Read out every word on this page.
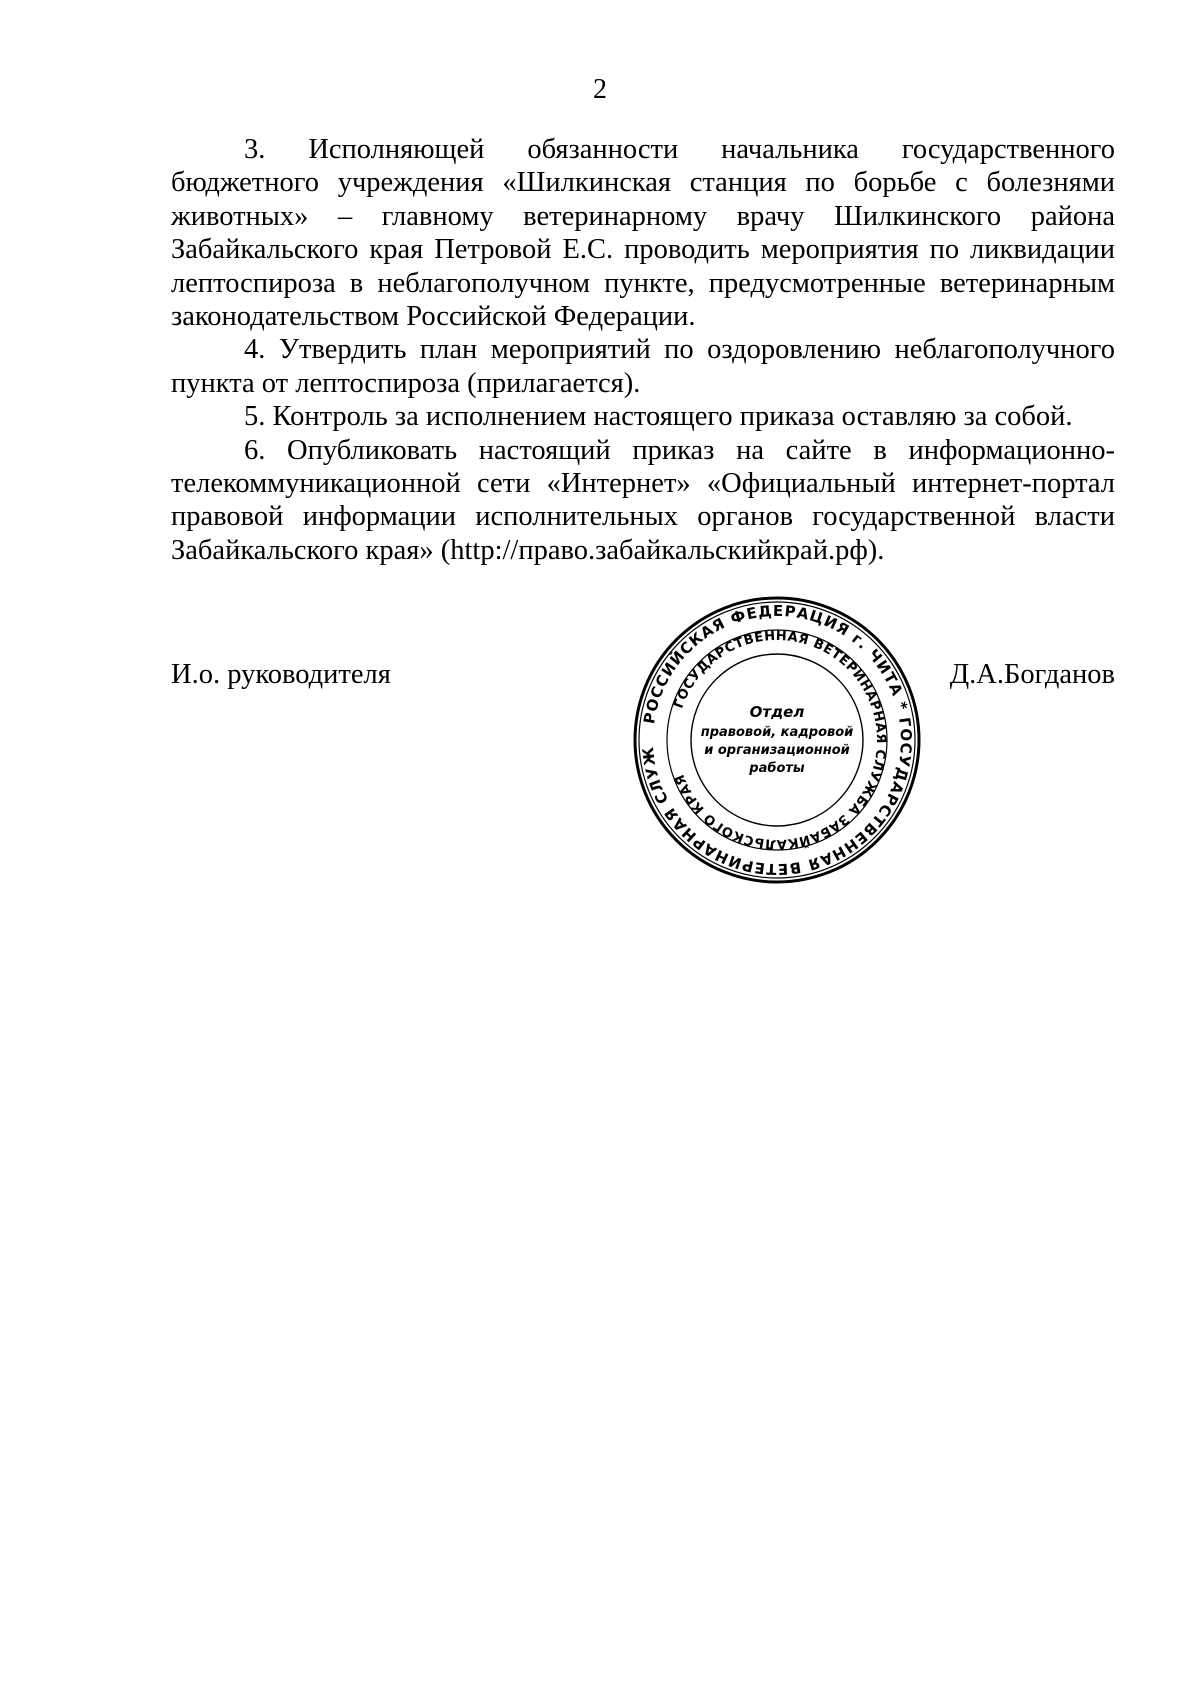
2

3. Исполняющей обязанности начальника государственного бюджетного учреждения «Шилкинская станция по борьбе с болезнями животных» – главному ветеринарному врачу Шилкинского района Забайкальского края Петровой Е.С. проводить мероприятия по ликвидации лептоспироза в неблагополучном пункте, предусмотренные ветеринарным законодательством Российской Федерации.

4. Утвердить план мероприятий по оздоровлению неблагополучного пункта от лептоспироза (прилагается).

5. Контроль за исполнением настоящего приказа оставляю за собой.

6. Опубликовать настоящий приказ на сайте в информационно-телекоммуникационной сети «Интернет» «Официальный интернет-портал правовой информации исполнительных органов государственной власти Забайкальского края» (http://право.забайкальскийкрай.рф).

И.о. руководителя	Д.А.Богданов
РОССИЙСКАЯ ФЕДЕРАЦИЯ г. ЧИТА * ГОСУДАРСТВЕННАЯ ВЕТЕРИНАРНАЯ СЛУЖ
ГОСУДАРСТВЕННАЯ ВЕТЕРИНАРНАЯ СЛУЖБА ЗАБАЙКАЛЬСКОГО КРАЯ
Отдел
правовой, кадровой
и организационной
работы
